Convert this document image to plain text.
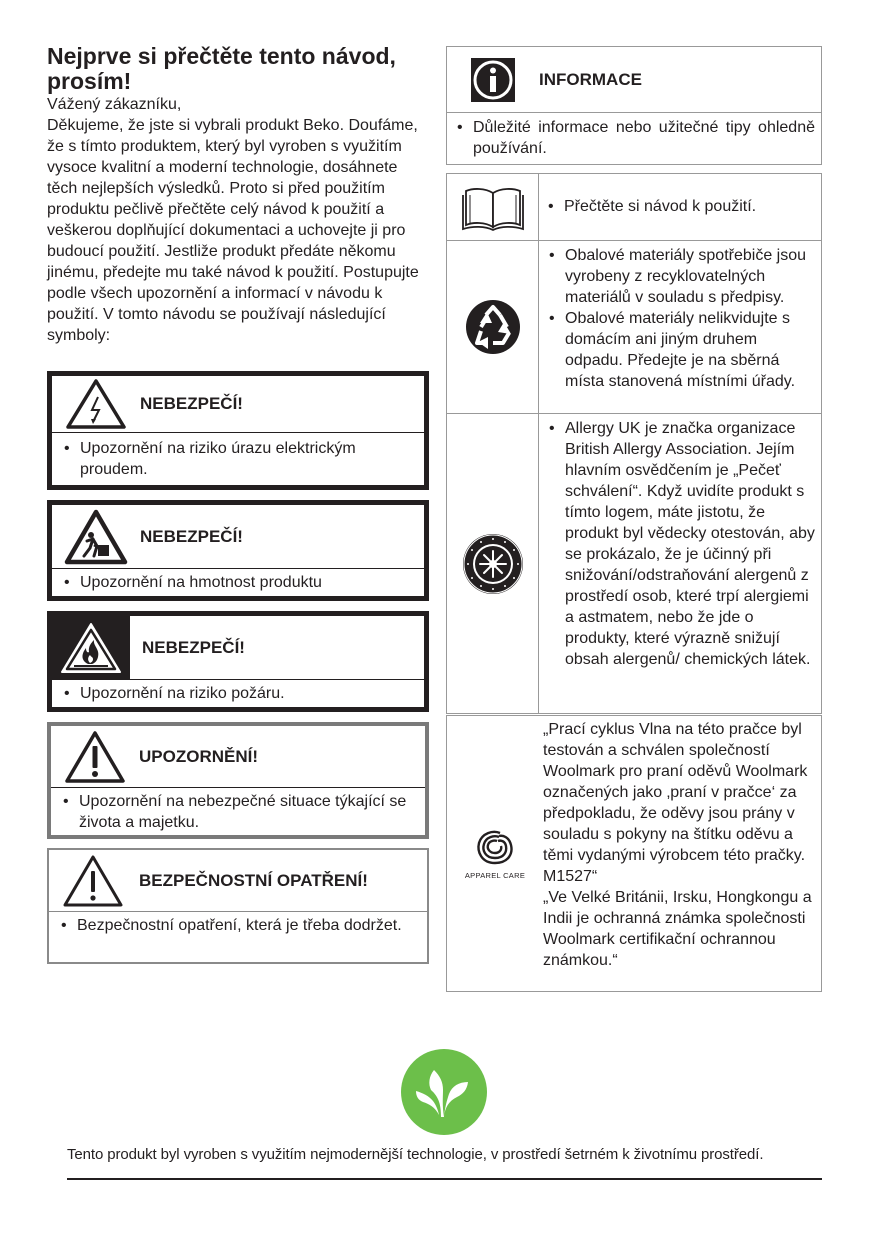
Nejprve si přečtěte tento návod, prosím!

Vážený zákazníku,

Děkujeme, že jste si vybrali produkt Beko. Doufáme, že s tímto produktem, který byl vyroben s využitím vysoce kvalitní a moderní technologie, dosáhnete těch nejlepších výsledků. Proto si před použitím produktu pečlivě přečtěte celý návod k použití a veškerou doplňující dokumentaci a uchovejte ji pro budoucí použití. Jestliže produkt předáte někomu jinému, předejte mu také návod k použití. Postupujte podle všech upozornění a informací v návodu k použití. V tomto návodu se používají následující symboly:

NEBEZPEČÍ!
• Upozornění na riziko úrazu elektrickým proudem.
NEBEZPEČÍ!
• Upozornění na hmotnost produktu
NEBEZPEČÍ!
• Upozornění na riziko požáru.
UPOZORNĚNÍ!
• Upozornění na nebezpečné situace týkající se života a majetku.
BEZPEČNOSTNÍ OPATŘENÍ!
• Bezpečnostní opatření, která je třeba dodržet.
INFORMACE
• Důležité informace nebo užitečné tipy ohledně používání.
• Přečtěte si návod k použití.
• Obalové materiály spotřebiče jsou vyrobeny z recyklovatelných materiálů v souladu s předpisy.
• Obalové materiály nelikvidujte s domácím ani jiným druhem odpadu. Předejte je na sběrná místa stanovená místními úřady.
• Allergy UK je značka organizace British Allergy Association. Jejím hlavním osvědčením je „Pečeť schválení“. Když uvidíte produkt s tímto logem, máte jistotu, že produkt byl vědecky otestován, aby se prokázalo, že je účinný při snižování/odstraňování alergenů z prostředí osob, které trpí alergiemi a astmatem, nebo že jde o produkty, které výrazně snižují obsah alergenů/ chemických látek.
APPAREL CARE

„Prací cyklus Vlna na této pračce byl testován a schválen společností Woolmark pro praní oděvů Woolmark označených jako ‚praní v pračce‘ za předpokladu, že oděvy jsou prány v souladu s pokyny na štítku oděvu a těmi vydanými výrobcem této pračky. M1527“

„Ve Velké Británii, Irsku, Hongkongu a Indii je ochranná známka společnosti Woolmark certifikační ochrannou známkou.“

Tento produkt byl vyroben s využitím nejmodernější technologie, v prostředí šetrném k životnímu prostředí.
